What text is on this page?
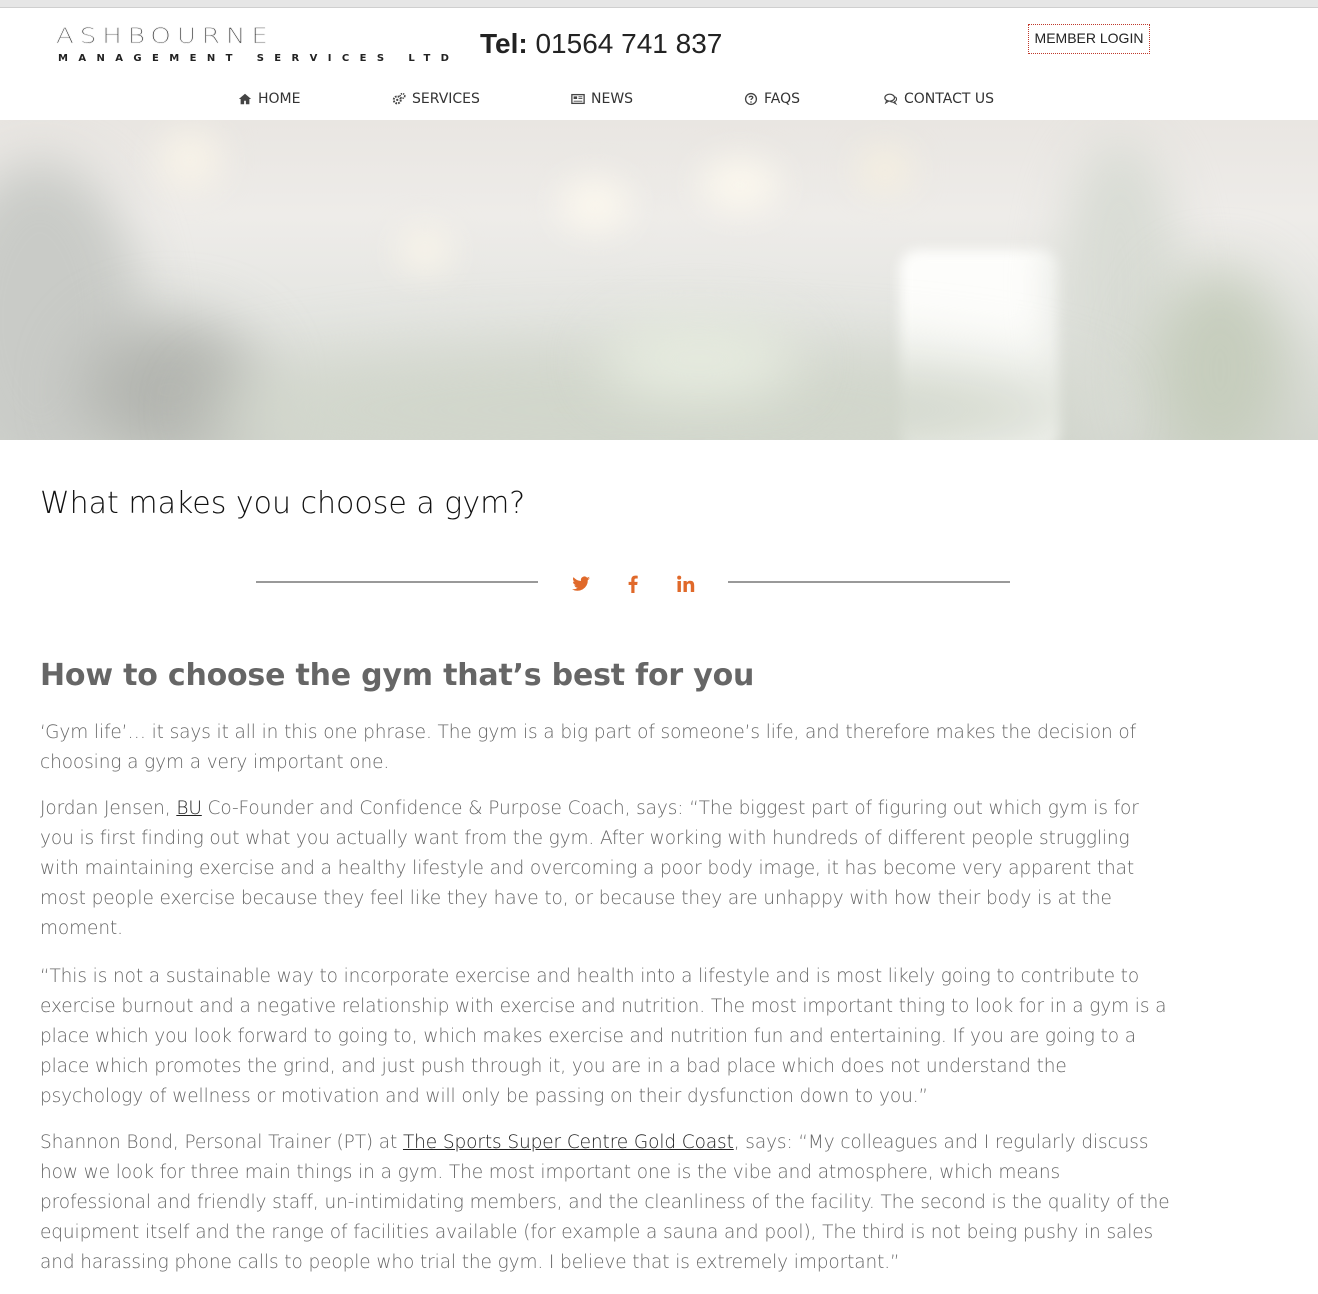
ASHBOURNE
MANAGEMENT SERVICES LTD Tel: 01564 741 837	MEMBER LOGIN
HOME	SERVICES	NEWS	FAQS	CONTACT US
What makes you choose a gym?
How to choose the gym that’s best for you

‘Gym life’… it says it all in this one phrase. The gym is a big part of someone’s life, and therefore makes the decision of choosing a gym a very important one.

Jordan Jensen, BU Co-Founder and Confidence & Purpose Coach, says: “The biggest part of figuring out which gym is for you is first finding out what you actually want from the gym. After working with hundreds of different people struggling with maintaining exercise and a healthy lifestyle and overcoming a poor body image, it has become very apparent that most people exercise because they feel like they have to, or because they are unhappy with how their body is at the moment.

“This is not a sustainable way to incorporate exercise and health into a lifestyle and is most likely going to contribute to exercise burnout and a negative relationship with exercise and nutrition. The most important thing to look for in a gym is a place which you look forward to going to, which makes exercise and nutrition fun and entertaining. If you are going to a place which promotes the grind, and just push through it, you are in a bad place which does not understand the psychology of wellness or motivation and will only be passing on their dysfunction down to you.”

Shannon Bond, Personal Trainer (PT) at The Sports Super Centre Gold Coast, says: “My colleagues and I regularly discuss how we look for three main things in a gym. The most important one is the vibe and atmosphere, which means professional and friendly staff, un-intimidating members, and the cleanliness of the facility. The second is the quality of the equipment itself and the range of facilities available (for example a sauna and pool), The third is not being pushy in sales and harassing phone calls to people who trial the gym. I believe that is extremely important.”
